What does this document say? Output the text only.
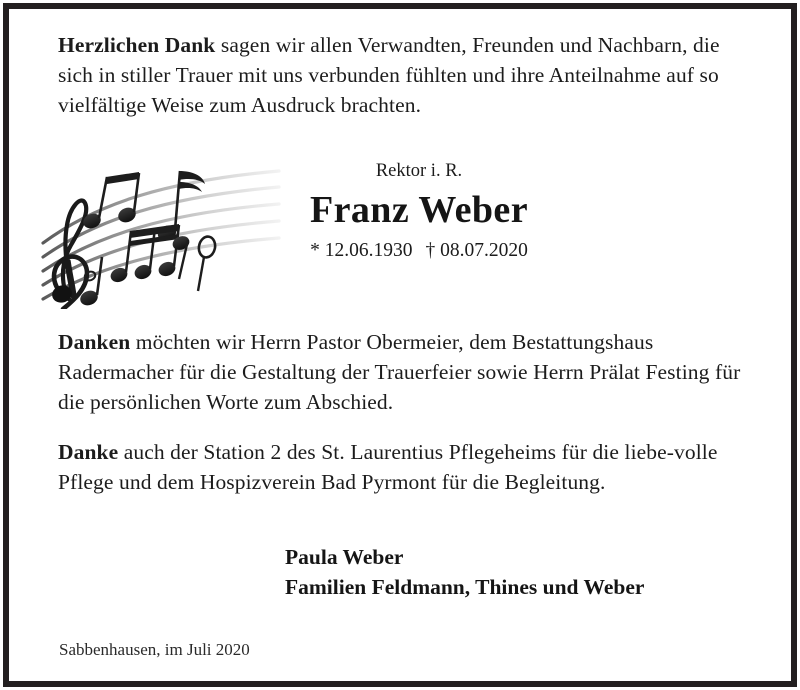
Herzlichen Dank sagen wir allen Verwandten, Freunden und Nachbarn, die sich in stiller Trauer mit uns verbunden fühlten und ihre Anteilnahme auf so vielfältige Weise zum Ausdruck brachten.
Rektor i. R.
Franz Weber
* 12.06.1930 † 08.07.2020
Danken möchten wir Herrn Pastor Obermeier, dem Bestattungshaus Radermacher für die Gestaltung der Trauerfeier sowie Herrn Prälat Festing für die persönlichen Worte zum Abschied.
Danke auch der Station 2 des St. Laurentius Pflegeheims für die liebe-volle Pflege und dem Hospizverein Bad Pyrmont für die Begleitung.
Paula Weber
Familien Feldmann, Thines und Weber
Sabbenhausen, im Juli 2020
